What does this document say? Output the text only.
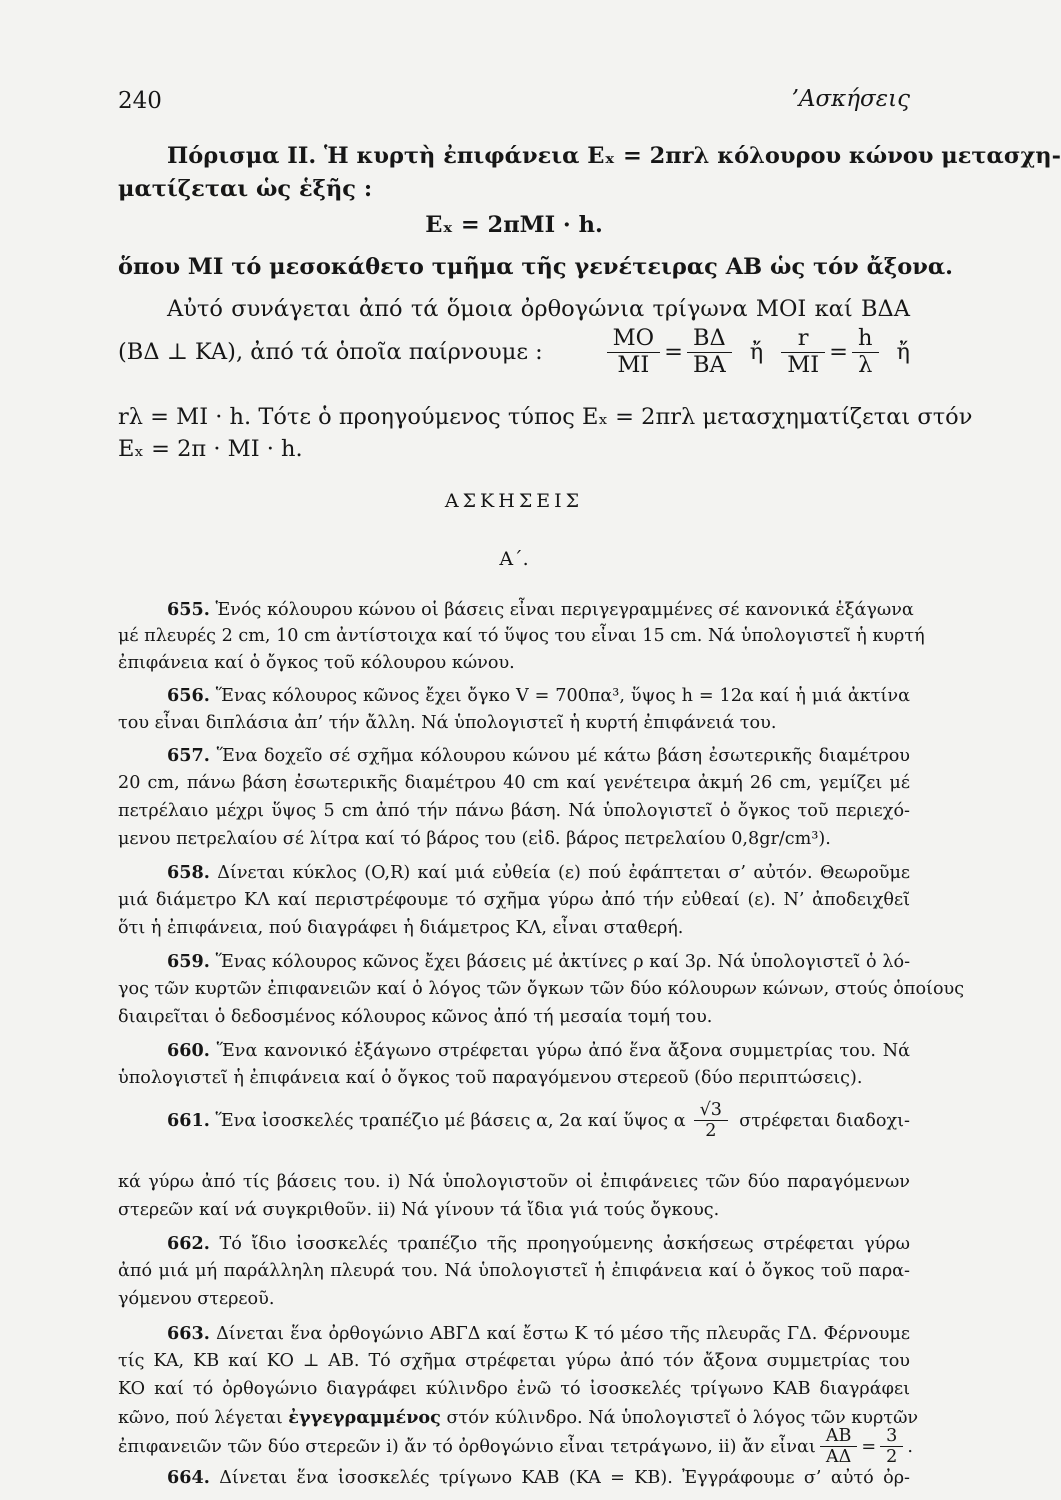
240	’Ασκήσεις
Πόρισμα ΙΙ. Ἡ κυρτὴ ἐπιφάνεια Eₓ = 2πrλ κόλουρου κώνου μετασχη-
ματίζεται ὡς ἑξῆς :
Eₓ = 2πMI · h.
ὅπου MI τό μεσοκάθετο τμῆμα τῆς γενέτειρας AB ὡς τόν ἄξονα.
Αὐτό συνάγεται ἀπό τά ὅμοια ὀρθογώνια τρίγωνα MOI καί BΔA
(BΔ ⊥ KA), ἀπό τά ὁποῖα παίρνουμε :	$\frac{MO}{MI} = \frac{B\Delta}{BA}$ ἤ $\frac{r}{MI} = \frac{h}{\lambda}$ ἤ
rλ = MI · h. Τότε ὁ προηγούμενος τύπος Eₓ = 2πrλ μετασχηματίζεται στόν
Eₓ = 2π · MI · h.
ΑΣΚΗΣΕΙΣ
Α΄.
655. Ἑνός κόλουρου κώνου οἱ βάσεις εἶναι περιγεγραμμένες σέ κανονικά ἑξάγωνα
μέ πλευρές 2 cm, 10 cm ἀντίστοιχα καί τό ὕψος του εἶναι 15 cm. Νά ὑπολογιστεῖ ἡ κυρτή
ἐπιφάνεια καί ὁ ὄγκος τοῦ κόλουρου κώνου.
656. Ἕνας κόλουρος κῶνος ἔχει ὄγκο V = 700πα³, ὕψος h = 12α καί ἡ μιά ἀκτίνα
του εἶναι διπλάσια ἀπ’ τήν ἄλλη. Νά ὑπολογιστεῖ ἡ κυρτή ἐπιφάνειά του.
657. Ἕνα δοχεῖο σέ σχῆμα κόλουρου κώνου μέ κάτω βάση ἐσωτερικῆς διαμέτρου
20 cm, πάνω βάση ἐσωτερικῆς διαμέτρου 40 cm καί γενέτειρα ἀκμή 26 cm, γεμίζει μέ
πετρέλαιο μέχρι ὕψος 5 cm ἀπό τήν πάνω βάση. Νά ὑπολογιστεῖ ὁ ὄγκος τοῦ περιεχό-
μενου πετρελαίου σέ λίτρα καί τό βάρος του (εἰδ. βάρος πετρελαίου 0,8gr/cm³).
658. Δίνεται κύκλος (O,R) καί μιά εὐθεία (ε) πού ἐφάπτεται σ’ αὐτόν. Θεωροῦμε
μιά διάμετρο KΛ καί περιστρέφουμε τό σχῆμα γύρω ἀπό τήν εὐθεαί (ε). Ν’ ἀποδειχθεῖ
ὅτι ἡ ἐπιφάνεια, πού διαγράφει ἡ διάμετρος KΛ, εἶναι σταθερή.
659. Ἕνας κόλουρος κῶνος ἔχει βάσεις μέ ἀκτίνες ρ καί 3ρ. Νά ὑπολογιστεῖ ὁ λό-
γος τῶν κυρτῶν ἐπιφανειῶν καί ὁ λόγος τῶν ὄγκων τῶν δύο κόλουρων κώνων, στούς ὁποίους
διαιρεῖται ὁ δεδοσμένος κόλουρος κῶνος ἀπό τή μεσαία τομή του.
660. Ἕνα κανονικό ἑξάγωνο στρέφεται γύρω ἀπό ἕνα ἄξονα συμμετρίας του. Νά
ὑπολογιστεῖ ἡ ἐπιφάνεια καί ὁ ὄγκος τοῦ παραγόμενου στερεοῦ (δύο περιπτώσεις).
661.
Ἕνα ἰσοσκελές τραπέζιο μέ βάσεις α, 2α καί ὕψος α $\frac{√3}{2}$ στρέφεται διαδοχι-
κά γύρω ἀπό τίς βάσεις του. i) Νά ὑπολογιστοῦν οἱ ἐπιφάνειες τῶν δύο παραγόμενων
στερεῶν καί νά συγκριθοῦν. ii) Νά γίνουν τά ἴδια γιά τούς ὄγκους.
662. Τό ἴδιο ἰσοσκελές τραπέζιο τῆς προηγούμενης ἀσκήσεως στρέφεται γύρω
ἀπό μιά μή παράλληλη πλευρά του. Νά ὑπολογιστεῖ ἡ ἐπιφάνεια καί ὁ ὄγκος τοῦ παρα-
γόμενου στερεοῦ.
663. Δίνεται ἕνα ὀρθογώνιο ABΓΔ καί ἔστω K τό μέσο τῆς πλευρᾶς ΓΔ. Φέρνουμε
τίς KA, KB καί KO ⊥ AB. Τό σχῆμα στρέφεται γύρω ἀπό τόν ἄξονα συμμετρίας του
KO καί τό ὀρθογώνιο διαγράφει κύλινδρο ἐνῶ τό ἰσοσκελές τρίγωνο KAB διαγράφει
κῶνο, πού λέγεται ἐγγεγραμμένος στόν κύλινδρο. Νά ὑπολογιστεῖ ὁ λόγος τῶν κυρτῶν
ἐπιφανειῶν τῶν δύο στερεῶν i) ἄν τό ὀρθογώνιο εἶναι τετράγωνο, ii) ἄν εἶναι $\frac{AB}{A\Delta} = \frac{3}{2}$ .
664. Δίνεται ἕνα ἰσοσκελές τρίγωνο KAB (KA = KB). Ἐγγράφουμε σ’ αὐτό ὀρ-
